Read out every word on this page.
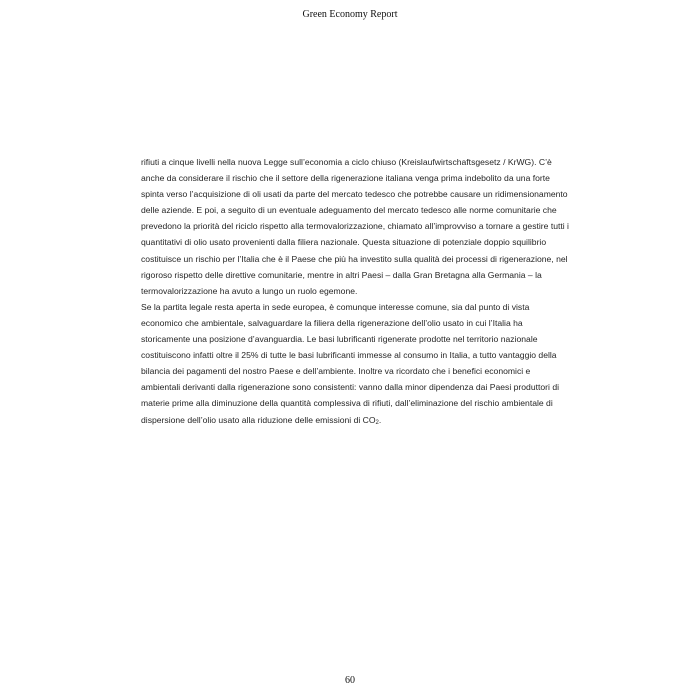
Green Economy Report

rifiuti a cinque livelli nella nuova Legge sull’economia a ciclo chiuso (Kreislaufwirtschaftsgesetz / KrWG). C’è anche da considerare il rischio che il settore della rigenerazione italiana venga prima indebolito da una forte spinta verso l’acquisizione di oli usati da parte del mercato tedesco che potrebbe causare un ridimensionamento delle aziende. E poi, a seguito di un eventuale adeguamento del mercato tedesco alle norme comunitarie che prevedono la priorità del riciclo rispetto alla termovalorizzazione, chiamato all’improvviso a tornare a gestire tutti i quantitativi di olio usato provenienti dalla filiera nazionale. Questa situazione di potenziale doppio squilibrio costituisce un rischio per l’Italia che è il Paese che più ha investito sulla qualità dei processi di rigenerazione, nel rigoroso rispetto delle direttive comunitarie, mentre in altri Paesi – dalla Gran Bretagna alla Germania – la termovalorizzazione ha avuto a lungo un ruolo egemone.

Se la partita legale resta aperta in sede europea, è comunque interesse comune, sia dal punto di vista economico che ambientale, salvaguardare la filiera della rigenerazione dell’olio usato in cui l’Italia ha storicamente una posizione d’avanguardia. Le basi lubrificanti rigenerate prodotte nel territorio nazionale costituiscono infatti oltre il 25% di tutte le basi lubrificanti immesse al consumo in Italia, a tutto vantaggio della bilancia dei pagamenti del nostro Paese e dell’ambiente. Inoltre va ricordato che i benefici economici e ambientali derivanti dalla rigenerazione sono consistenti: vanno dalla minor dipendenza dai Paesi produttori di materie prime alla diminuzione della quantità complessiva di rifiuti, dall’eliminazione del rischio ambientale di dispersione dell’olio usato alla riduzione delle emissioni di $CO_2$.

60
